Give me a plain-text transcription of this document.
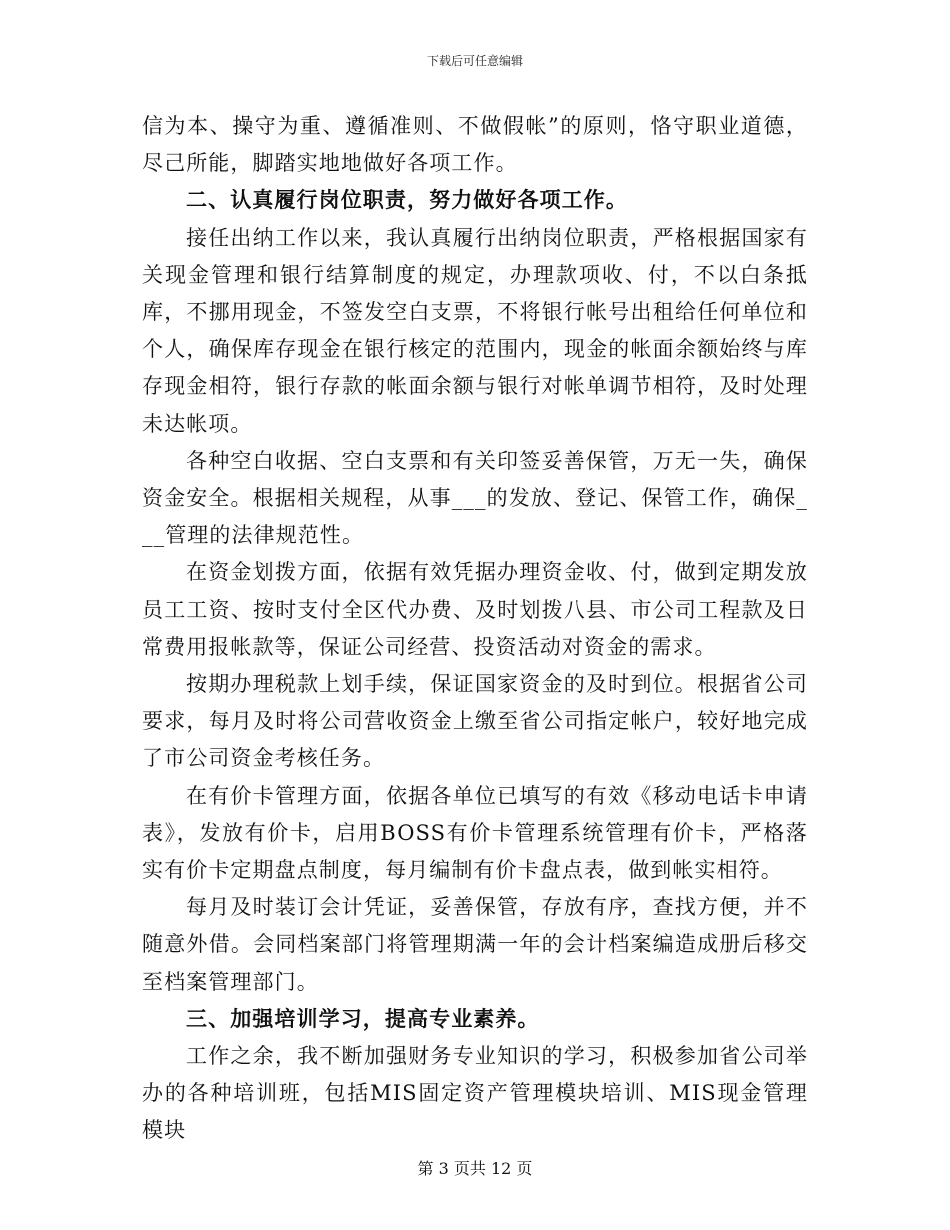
下载后可任意编辑

信为本、操守为重、遵循准则、不做假帐”的原则，恪守职业道德，尽己所能，脚踏实地地做好各项工作。

二、认真履行岗位职责，努力做好各项工作。

接任出纳工作以来，我认真履行出纳岗位职责，严格根据国家有关现金管理和银行结算制度的规定，办理款项收、付，不以白条抵库，不挪用现金，不签发空白支票，不将银行帐号出租给任何单位和个人，确保库存现金在银行核定的范围内，现金的帐面余额始终与库存现金相符，银行存款的帐面余额与银行对帐单调节相符，及时处理未达帐项。

各种空白收据、空白支票和有关印签妥善保管，万无一失，确保资金安全。根据相关规程，从事___的发放、登记、保管工作，确保___管理的法律规范性。

在资金划拨方面，依据有效凭据办理资金收、付，做到定期发放员工工资、按时支付全区代办费、及时划拨八县、市公司工程款及日常费用报帐款等，保证公司经营、投资活动对资金的需求。

按期办理税款上划手续，保证国家资金的及时到位。根据省公司要求，每月及时将公司营收资金上缴至省公司指定帐户，较好地完成了市公司资金考核任务。

在有价卡管理方面，依据各单位已填写的有效《移动电话卡申请表》，发放有价卡，启用BOSS有价卡管理系统管理有价卡，严格落实有价卡定期盘点制度，每月编制有价卡盘点表，做到帐实相符。

每月及时装订会计凭证，妥善保管，存放有序，查找方便，并不随意外借。会同档案部门将管理期满一年的会计档案编造成册后移交至档案管理部门。

三、加强培训学习，提高专业素养。

工作之余，我不断加强财务专业知识的学习，积极参加省公司举办的各种培训班，包括MIS固定资产管理模块培训、MIS现金管理模块

第 3 页共 12 页
